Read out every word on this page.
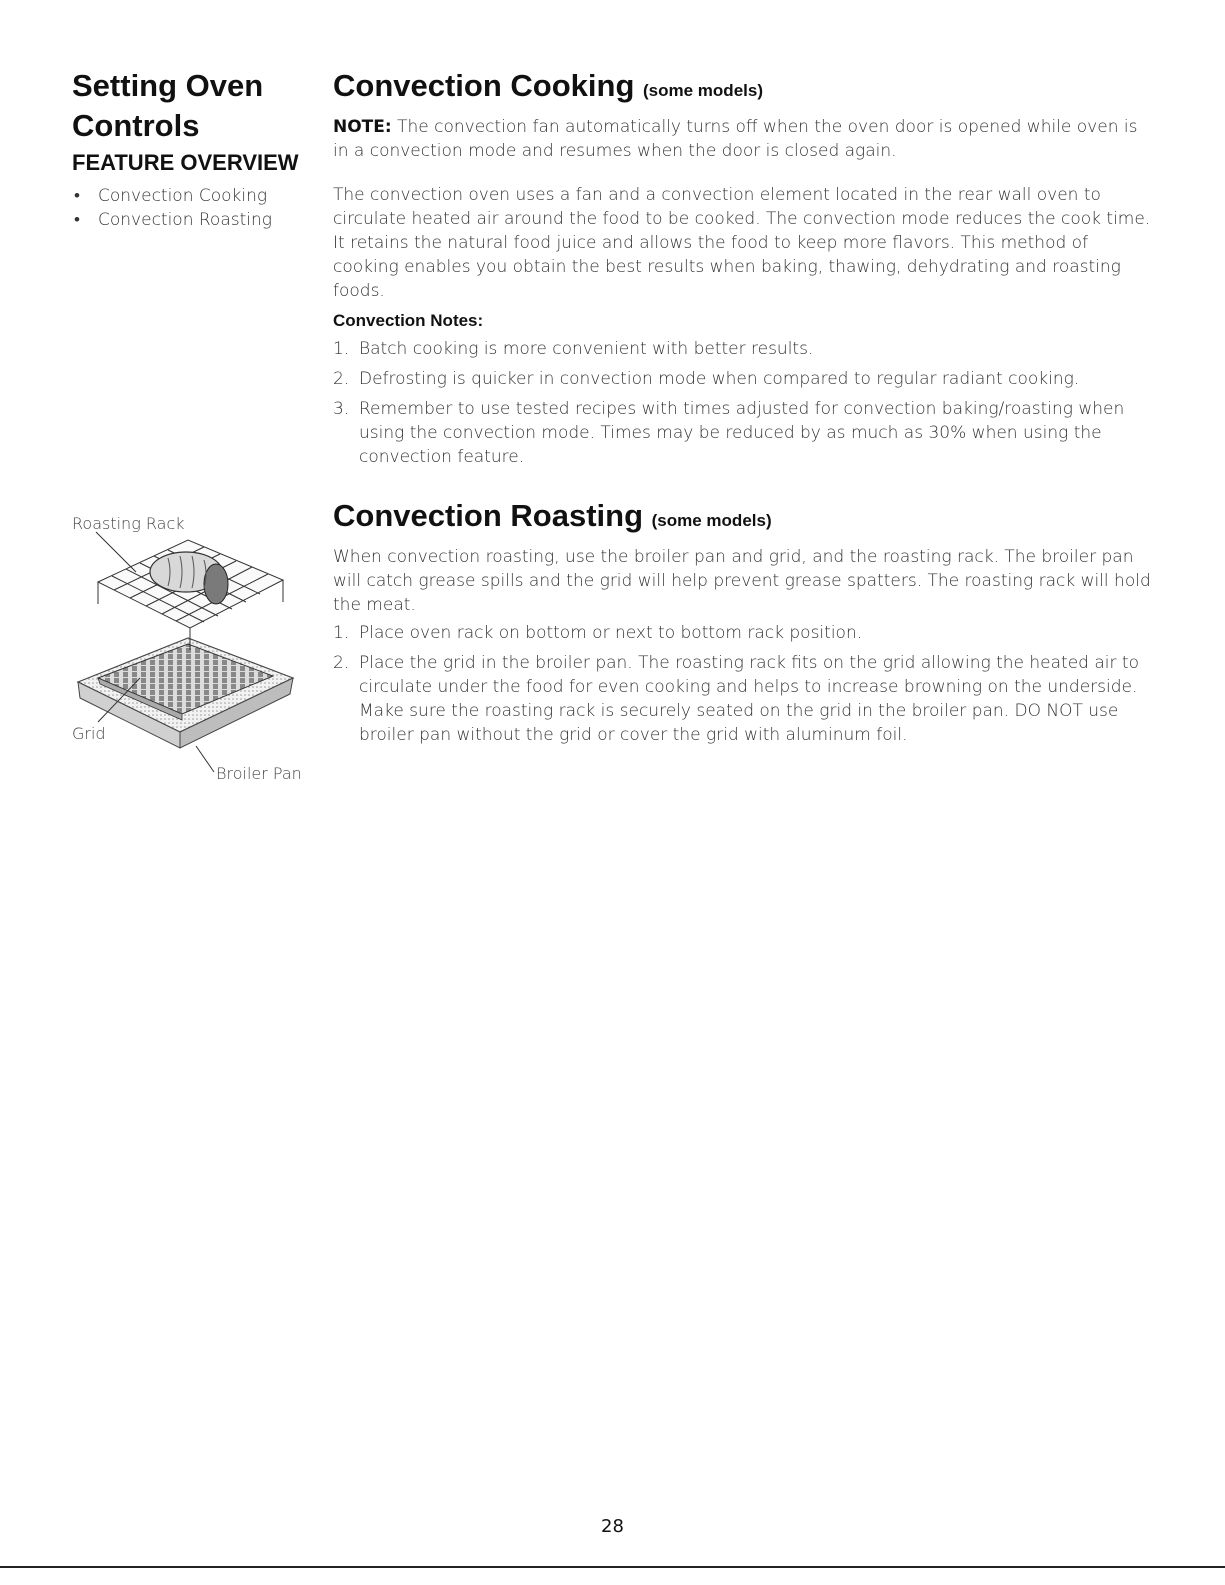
Setting Oven Controls
FEATURE OVERVIEW
• Convection Cooking
• Convection Roasting
Convection Cooking (some models)
NOTE: The convection fan automatically turns off when the oven door is opened while oven is in a convection mode and resumes when the door is closed again.
The convection oven uses a fan and a convection element located in the rear wall oven to circulate heated air around the food to be cooked. The convection mode reduces the cook time. It retains the natural food juice and allows the food to keep more flavors. This method of cooking enables you obtain the best results when baking, thawing, dehydrating and roasting foods.
Convection Notes:
1. Batch cooking is more convenient with better results.
2. Defrosting is quicker in convection mode when compared to regular radiant cooking.
3. Remember to use tested recipes with times adjusted for convection baking/roasting when using the convection mode. Times may be reduced by as much as 30% when using the convection feature.
Convection Roasting (some models)
When convection roasting, use the broiler pan and grid, and the roasting rack. The broiler pan will catch grease spills and the grid will help prevent grease spatters. The roasting rack will hold the meat.
1. Place oven rack on bottom or next to bottom rack position.
2. Place the grid in the broiler pan. The roasting rack fits on the grid allowing the heated air to circulate under the food for even cooking and helps to increase browning on the underside. Make sure the roasting rack is securely seated on the grid in the broiler pan. DO NOT use broiler pan without the grid or cover the grid with aluminum foil.
Roasting Rack
Grid
Broiler Pan
28
